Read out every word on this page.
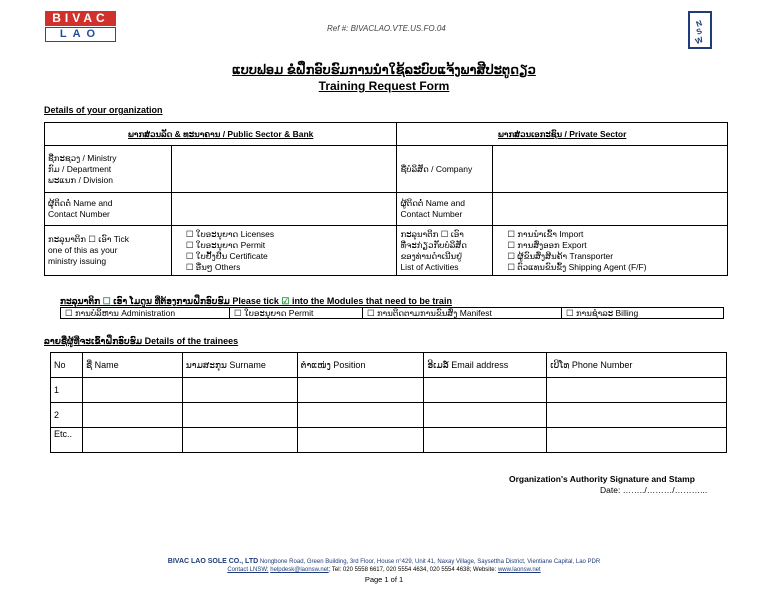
BIVAC
LAO	Ref #: BIVACLAO.VTE.US.FO.04	N
S
W
ແບບຟອມ ຂໍຝຶກອົບຮົມການນຳໃຊ້ລະບົບແຈ້ງພາສີປະຕູດຽວ
Training Request Form
Details of your organization
ພາກສ່ວນລັດ & ທະນາຄານ / Public Sector & Bank		ພາກສ່ວນເອກະຊົນ / Private Sector	

ຊື່ກະຊວງ / Ministry
ກົມ / Department
ພະແນກ / Division		ຊື່ບໍລິສັດ / Company	

ຜູ້ຕິດຕໍ່ Name and
Contact Number		ຜູ້ຕິດຕໍ່ Name and
Contact Number	

ກະລຸນາຕິກ ☐ ເອົາ Tick
one of this as your
ministry issuing	☐ ໃບອະນຸຍາດ Licenses
☐ ໃບອະນຸຍາດ Permit
☐ ໃບຢັ້ງຢືນ Certificate
☐ ອື່ນໆ Others	ກະລຸນາຕິກ ☐ ເອົາ
ທີ່ຈະກ່ຽວກັບບໍລິສັດ
ຂອງທ່ານດຳເນີນຢູ່
List of Activities	☐ ການນຳເຂົ້າ Import
☐ ການສົ່ງອອກ Export
☐ ຜູ້ຂົນສົ່ງສິນຄ້າ Transporter
☐ ຕົວແທນຂົນຂົ້ງ Shipping Agent (F/F)
ກະລຸນາຕິກ ☐ ເອົາ ໂມດູນ ທີ່ຕ້ອງການຝຶກອົບຮົມ Please tick ☑ into the Modules that need to be train
☐ ການບໍລິຫານ Administration	☐ ໃບອະນຸຍາດ Permit	☐ ການຕິດຕາມການຂົນສົ່ງ Manifest	☐ ການຊຳລະ Billing
ລາຍຊື່ຜູ້ທີ່ຈະເຂົ້າຝຶກອົບຮົມ Details of the trainees
No	ຊື່ Name	ນາມສະກຸນ Surname	ຕຳແໜ່ງ Position	ອີເມລ໌ Email address	ເບີໂທ Phone Number
1					
2					
Etc..					
Organization's Authority Signature and Stamp
Date: ……../………/………...
BIVAC LAO SOLE CO., LTD Nongbone Road, Green Building, 3rd Floor, House n°429, Unit 41, Naxay Village, Saysettha District, Vientiane Capital, Lao PDR
Contact LNSW: helpdesk@laonsw.net; Tel: 020 5558 6617, 020 5554 4634, 020 5554 4638; Website: www.laonsw.net
Page 1 of 1
